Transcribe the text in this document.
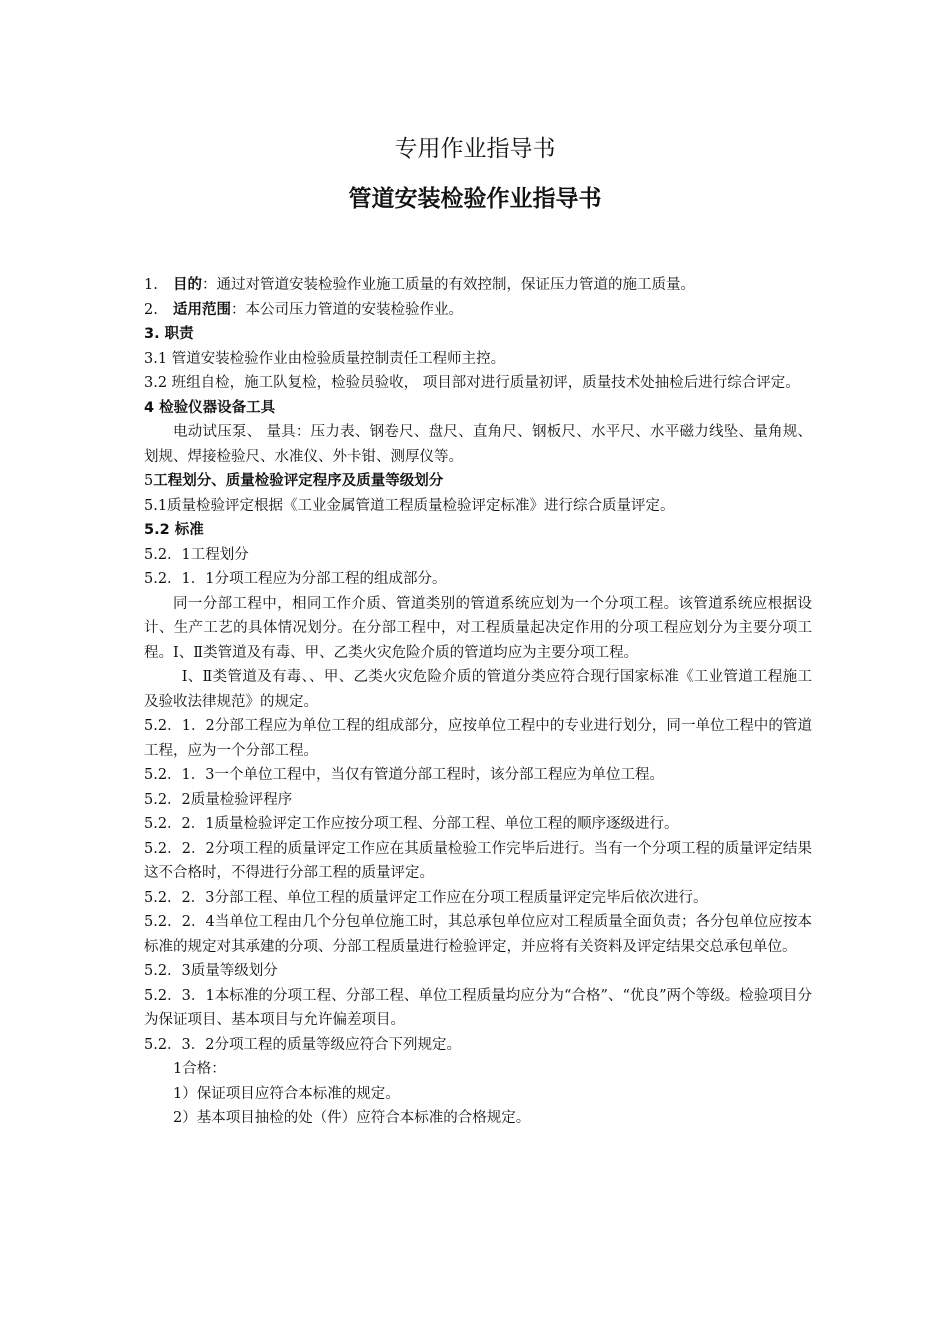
专用作业指导书
管道安装检验作业指导书

1. 目的：通过对管道安装检验作业施工质量的有效控制，保证压力管道的施工质量。

2. 适用范围：本公司压力管道的安装检验作业。

3. 职责

3.1 管道安装检验作业由检验质量控制责任工程师主控。

3.2 班组自检，施工队复检，检验员验收， 项目部对进行质量初评，质量技术处抽检后进行综合评定。

4 检验仪器设备工具

电动试压泵、 量具：压力表、钢卷尺、盘尺、直角尺、钢板尺、水平尺、水平磁力线坠、量角规、划规、焊接检验尺、水准仪、外卡钳、测厚仪等。

5工程划分、质量检验评定程序及质量等级划分

5.1质量检验评定根据《工业金属管道工程质量检验评定标准》进行综合质量评定。

5.2 标准

5.2．1工程划分

5.2．1．1分项工程应为分部工程的组成部分。

同一分部工程中，相同工作介质、管道类别的管道系统应划为一个分项工程。该管道系统应根据设计、生产工艺的具体情况划分。在分部工程中，对工程质量起决定作用的分项工程应划分为主要分项工程。Ⅰ、Ⅱ类管道及有毒、甲、乙类火灾危险介质的管道均应为主要分项工程。

Ⅰ、Ⅱ类管道及有毒、、甲、乙类火灾危险介质的管道分类应符合现行国家标准《工业管道工程施工及验收法律规范》的规定。

5.2．1．2分部工程应为单位工程的组成部分，应按单位工程中的专业进行划分，同一单位工程中的管道工程，应为一个分部工程。

5.2．1．3一个单位工程中，当仅有管道分部工程时，该分部工程应为单位工程。

5.2．2质量检验评程序

5.2．2．1质量检验评定工作应按分项工程、分部工程、单位工程的顺序逐级进行。

5.2．2．2分项工程的质量评定工作应在其质量检验工作完毕后进行。当有一个分项工程的质量评定结果这不合格时，不得进行分部工程的质量评定。

5.2．2．3分部工程、单位工程的质量评定工作应在分项工程质量评定完毕后依次进行。

5.2．2．4当单位工程由几个分包单位施工时，其总承包单位应对工程质量全面负责；各分包单位应按本标准的规定对其承建的分项、分部工程质量进行检验评定，并应将有关资料及评定结果交总承包单位。

5.2．3质量等级划分

5.2．3．1本标准的分项工程、分部工程、单位工程质量均应分为“合格”、“优良”两个等级。检验项目分为保证项目、基本项目与允许偏差项目。

5.2．3．2分项工程的质量等级应符合下列规定。

1合格：

1）保证项目应符合本标准的规定。

2）基本项目抽检的处（件）应符合本标准的合格规定。
